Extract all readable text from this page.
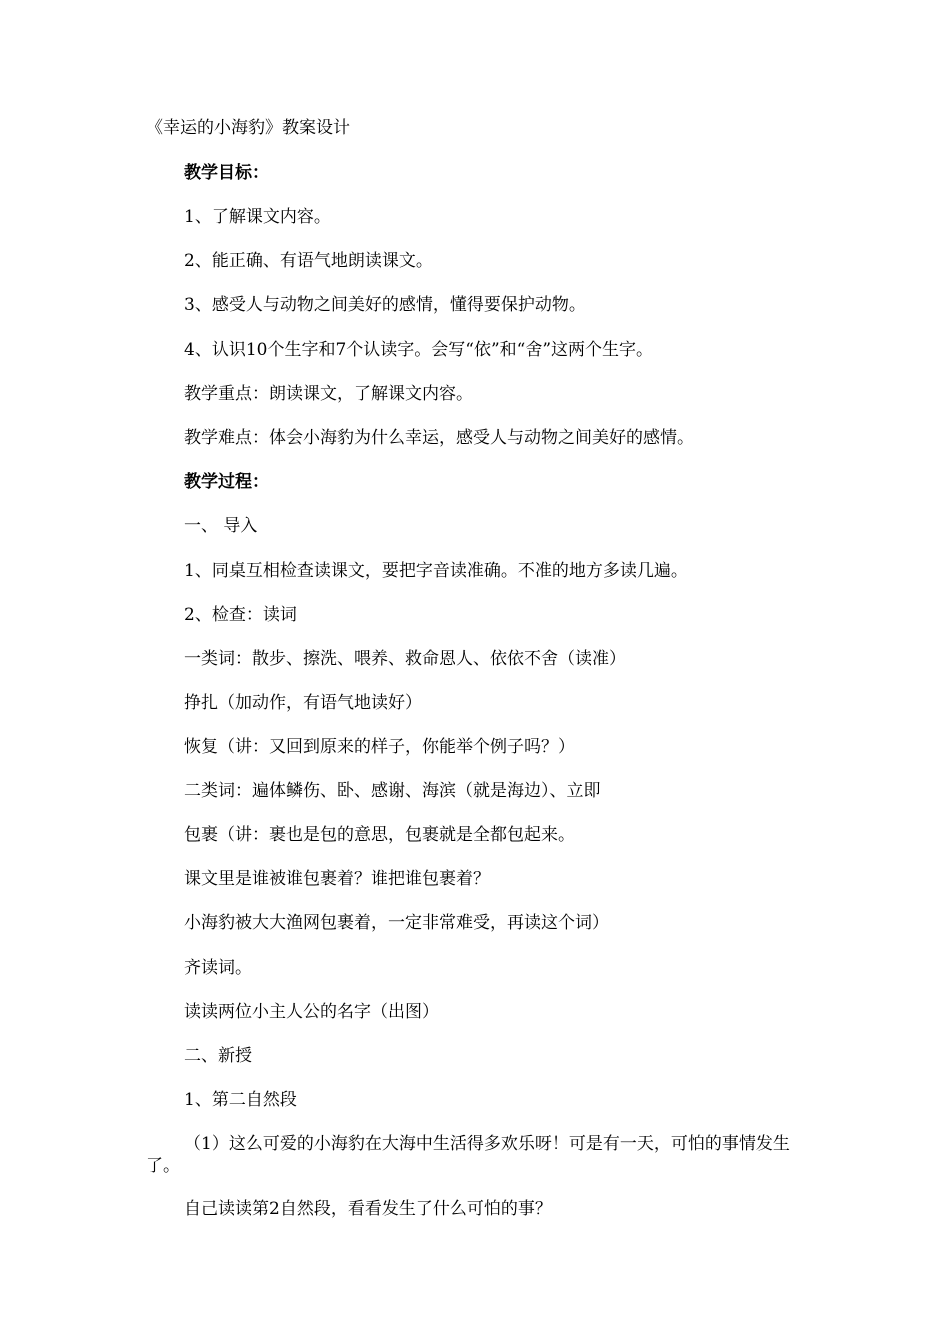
《幸运的小海豹》教案设计
教学目标：
1、了解课文内容。
2、能正确、有语气地朗读课文。
3、感受人与动物之间美好的感情，懂得要保护动物。
4、认识10个生字和7个认读字。会写“依”和“舍”这两个生字。
教学重点：朗读课文，了解课文内容。
教学难点：体会小海豹为什么幸运，感受人与动物之间美好的感情。
教学过程：
一、 导入
1、同桌互相检查读课文，要把字音读准确。不准的地方多读几遍。
2、检查：读词
一类词：散步、擦洗、喂养、救命恩人、依依不舍（读准）
挣扎（加动作，有语气地读好）
恢复（讲：又回到原来的样子，你能举个例子吗？）
二类词：遍体鳞伤、卧、感谢、海滨（就是海边）、立即
包裹（讲：裹也是包的意思，包裹就是全都包起来。
课文里是谁被谁包裹着？谁把谁包裹着？
小海豹被大大渔网包裹着，一定非常难受，再读这个词）
齐读词。
读读两位小主人公的名字（出图）
二、新授
1、第二自然段
（1）这么可爱的小海豹在大海中生活得多欢乐呀！可是有一天，可怕的事情发生了。
自己读读第2自然段，看看发生了什么可怕的事？
